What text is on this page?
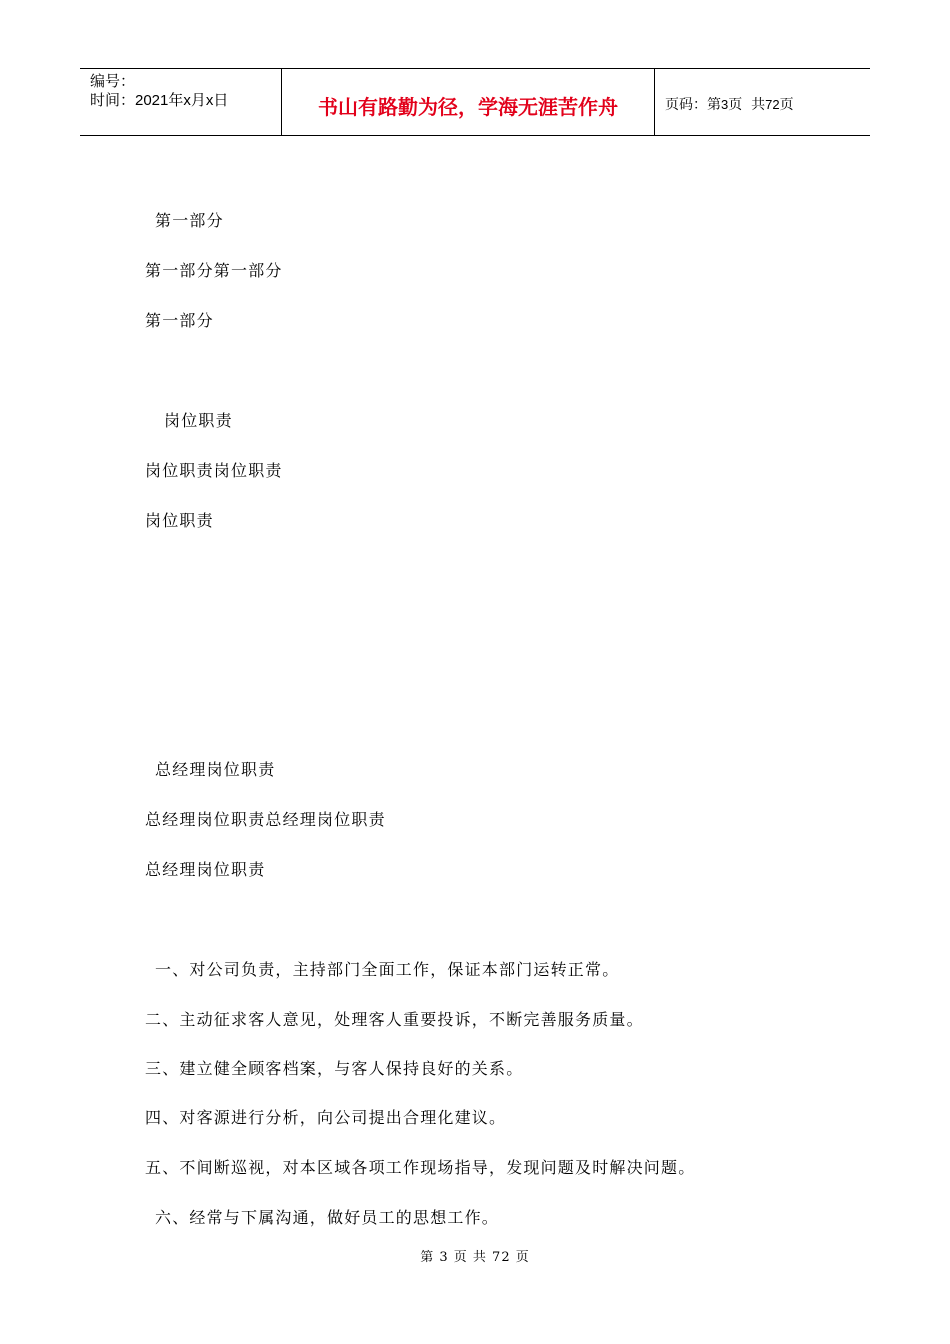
编号：
时间：2021年x月x日	书山有路勤为径，学海无涯苦作舟	页码：第 3 页  共 72 页
第一部分
第一部分第一部分
第一部分
岗位职责
岗位职责岗位职责
岗位职责
总经理岗位职责
总经理岗位职责总经理岗位职责
总经理岗位职责
一、对公司负责，主持部门全面工作，保证本部门运转正常。
二、主动征求客人意见，处理客人重要投诉，不断完善服务质量。
三、建立健全顾客档案，与客人保持良好的关系。
四、对客源进行分析，向公司提出合理化建议。
五、不间断巡视，对本区域各项工作现场指导，发现问题及时解决问题。
六、经常与下属沟通，做好员工的思想工作。
第 3 页 共 72 页
